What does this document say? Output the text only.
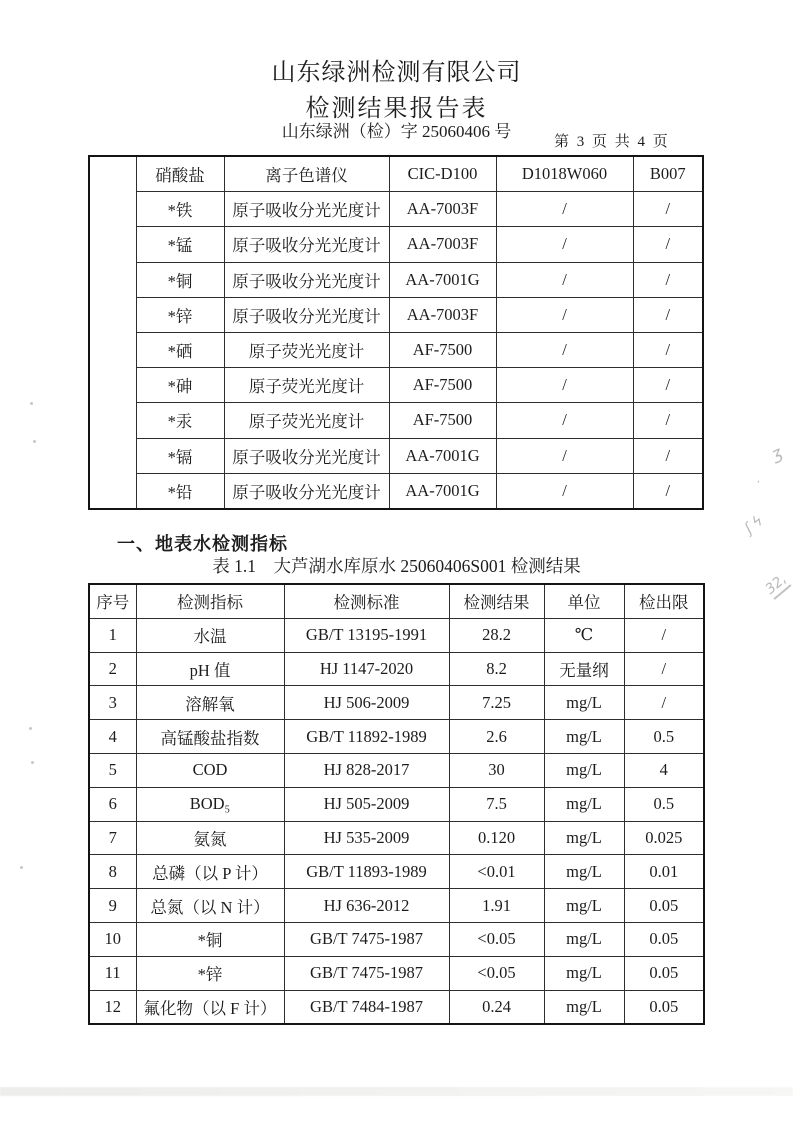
山东绿洲检测有限公司
检测结果报告表
山东绿洲（检）字 25060406 号
第 3 页 共 4 页
	硝酸盐	离子色谱仪	CIC-D100	D1018W060	B007
	*铁	原子吸收分光光度计	AA-7003F	/	/
	*锰	原子吸收分光光度计	AA-7003F	/	/
	*铜	原子吸收分光光度计	AA-7001G	/	/
	*锌	原子吸收分光光度计	AA-7003F	/	/
	*硒	原子荧光光度计	AF-7500	/	/
	*砷	原子荧光光度计	AF-7500	/	/
	*汞	原子荧光光度计	AF-7500	/	/
	*镉	原子吸收分光光度计	AA-7001G	/	/
	*铅	原子吸收分光光度计	AA-7001G	/	/
一、地表水检测指标
表 1.1　大芦湖水库原水 25060406S001 检测结果
序号	检测指标	检测标准	检测结果	单位	检出限
1	水温	GB/T 13195-1991	28.2	℃	/
2	pH 值	HJ 1147-2020	8.2	无量纲	/
3	溶解氧	HJ 506-2009	7.25	mg/L	/
4	高锰酸盐指数	GB/T 11892-1989	2.6	mg/L	0.5
5	COD	HJ 828-2017	30	mg/L	4
6	BOD₅	HJ 505-2009	7.5	mg/L	0.5
7	氨氮	HJ 535-2009	0.120	mg/L	0.025
8	总磷（以 P 计）	GB/T 11893-1989	<0.01	mg/L	0.01
9	总氮（以 N 计）	HJ 636-2012	1.91	mg/L	0.05
10	*铜	GB/T 7475-1987	<0.05	mg/L	0.05
11	*锌	GB/T 7475-1987	<0.05	mg/L	0.05
12	氟化物（以 F 计）	GB/T 7484-1987	0.24	mg/L	0.05
ʒ
ˑ
ʃϟ
32,
